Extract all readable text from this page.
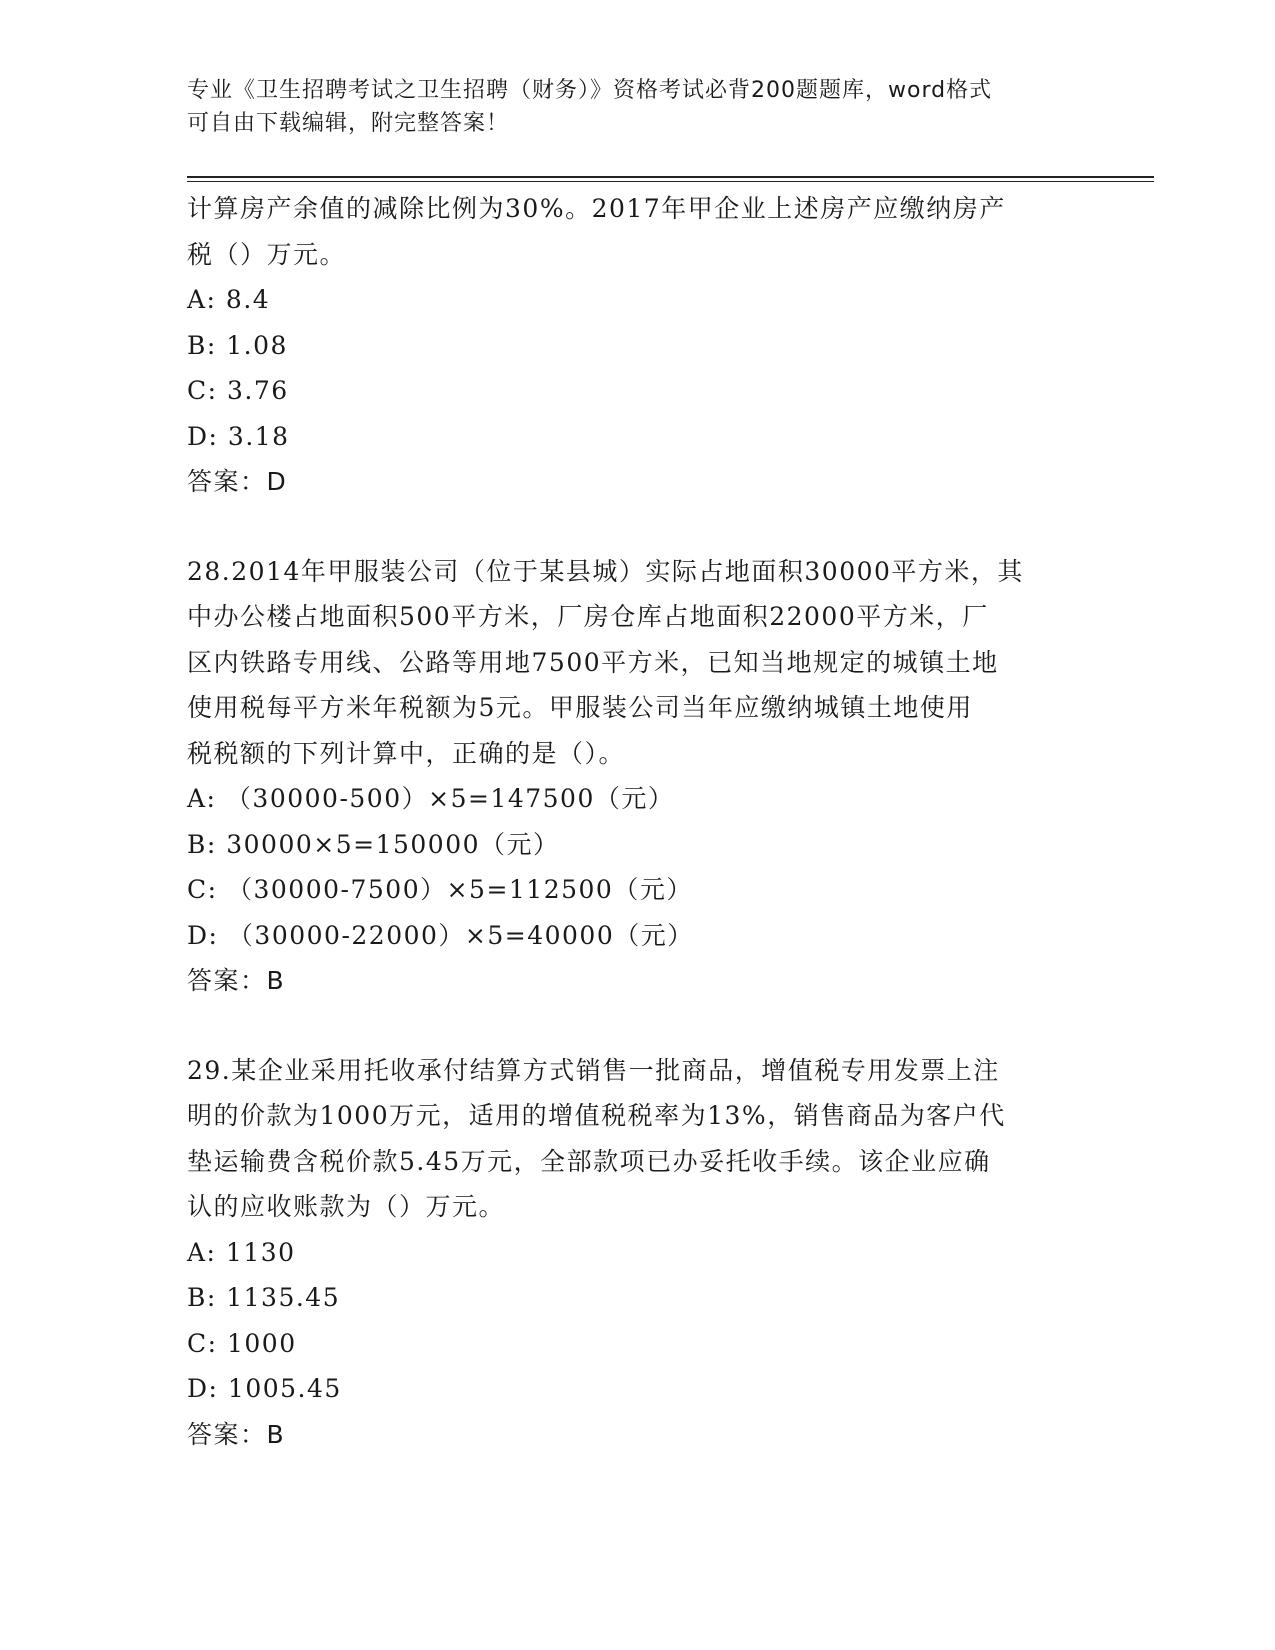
专业《卫生招聘考试之卫生招聘（财务）》资格考试必背200题题库，word格式
可自由下载编辑，附完整答案！
计算房产余值的减除比例为30%。2017年甲企业上述房产应缴纳房产
税（）万元。
A: 8.4
B: 1.08
C: 3.76
D: 3.18
答案：D
28.2014年甲服装公司（位于某县城）实际占地面积30000平方米，其
中办公楼占地面积500平方米，厂房仓库占地面积22000平方米，厂
区内铁路专用线、公路等用地7500平方米，已知当地规定的城镇土地
使用税每平方米年税额为5元。甲服装公司当年应缴纳城镇土地使用
税税额的下列计算中，正确的是（）。
A: （30000-500）×5=147500（元）
B: 30000×5=150000（元）
C: （30000-7500）×5=112500（元）
D: （30000-22000）×5=40000（元）
答案：B
29.某企业采用托收承付结算方式销售一批商品，增值税专用发票上注
明的价款为1000万元，适用的增值税税率为13%，销售商品为客户代
垫运输费含税价款5.45万元，全部款项已办妥托收手续。该企业应确
认的应收账款为（）万元。
A: 1130
B: 1135.45
C: 1000
D: 1005.45
答案：B
